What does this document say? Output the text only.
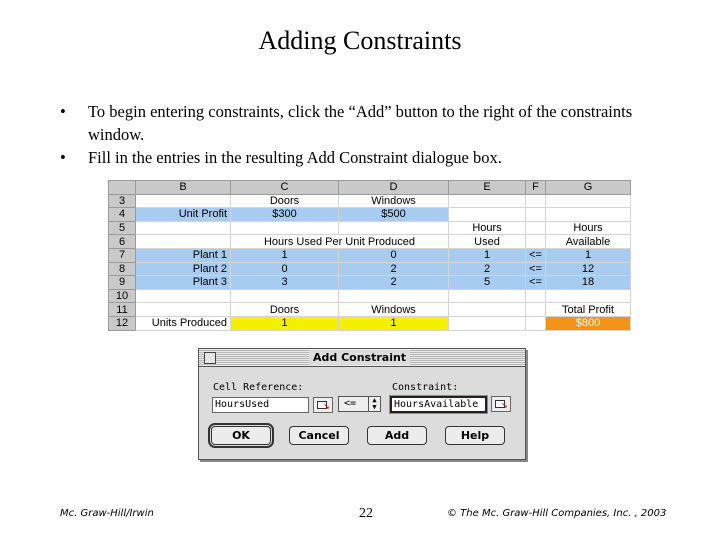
Adding Constraints
•	To begin entering constraints, click the “Add” button to the right of the constraints window.
•	Fill in the entries in the resulting Add Constraint dialogue box.
	B	C	D	E	F	G
3		Doors	Windows			
4	Unit Profit	$300	$500			
5				Hours		Hours
6		Hours Used Per Unit Produced		Used		Available
7	Plant 1	1	0	1	<=	1
8	Plant 2	0	2	2	<=	12
9	Plant 3	3	2	5	<=	18
10						
11		Doors	Windows			Total Profit
12	Units Produced	1	1			$800
Add Constraint
Cell Reference:
HoursUsed	➘	<=	▲
▼
Constraint:
HoursAvailable	➘
OK	Cancel	Add	Help
Mc. Graw-Hill/Irwin	22	© The Mc. Graw-Hill Companies, Inc. , 2003
